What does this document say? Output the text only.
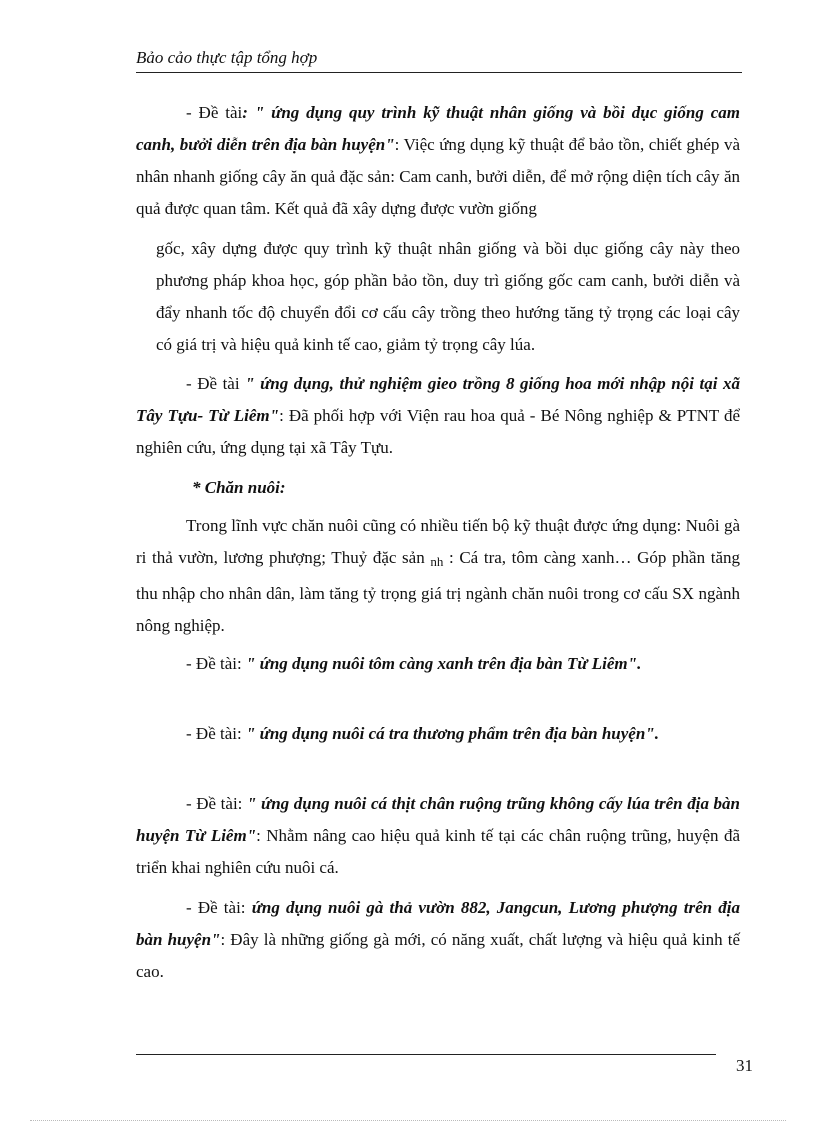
Bảo cảo thực tập tổng hợp

- Đề tài: " ứng dụng quy trình kỹ thuật nhân giống và bồi dục giống cam canh, bưởi diễn trên địa bàn huyện": Việc ứng dụng kỹ thuật để bảo tồn, chiết ghép và nhân nhanh giống cây ăn quả đặc sản: Cam canh, bưởi diễn, để mở rộng diện tích cây ăn quả được quan tâm. Kết quả đã xây dựng được vườn giống

gốc, xây dựng được quy trình kỹ thuật nhân giống và bồi dục giống cây này theo phương pháp khoa học, góp phần bảo tồn, duy trì giống gốc cam canh, bưởi diễn và đẩy nhanh tốc độ chuyển đổi cơ cấu cây trồng theo hướng tăng tỷ trọng các loại cây có giá trị và hiệu quả kinh tế cao, giảm tỷ trọng cây lúa.

- Đề tài " ứng dụng, thử nghiệm gieo trồng 8 giống hoa mới nhập nội tại xã Tây Tựu- Từ Liêm": Đã phối hợp với Viện rau hoa quả - Bé Nông nghiệp & PTNT để nghiên cứu, ứng dụng tại xã Tây Tựu.

* Chăn nuôi:

Trong lĩnh vực chăn nuôi cũng có nhiều tiến bộ kỹ thuật được ứng dụng: Nuôi gà ri thả vườn, lương phượng; Thuỷ đặc sản $_{nh}$ : Cá tra, tôm càng xanh… Góp phần tăng thu nhập cho nhân dân, làm tăng tỷ trọng giá trị ngành chăn nuôi trong cơ cấu SX ngành nông nghiệp.

- Đề tài: " ứng dụng nuôi tôm càng xanh trên địa bàn Từ Liêm".

- Đề tài: " ứng dụng nuôi cá tra thương phẩm trên địa bàn huyện".

- Đề tài: " ứng dụng nuôi cá thịt chân ruộng trũng không cấy lúa trên địa bàn huyện Từ Liêm": Nhằm nâng cao hiệu quả kinh tế tại các chân ruộng trũng, huyện đã triển khai nghiên cứu nuôi cá.

- Đề tài: ứng dụng nuôi gà thả vườn 882, Jangcun, Lương phượng trên địa bàn huyện": Đây là những giống gà mới, có năng xuất, chất lượng và hiệu quả kinh tế cao.

31
